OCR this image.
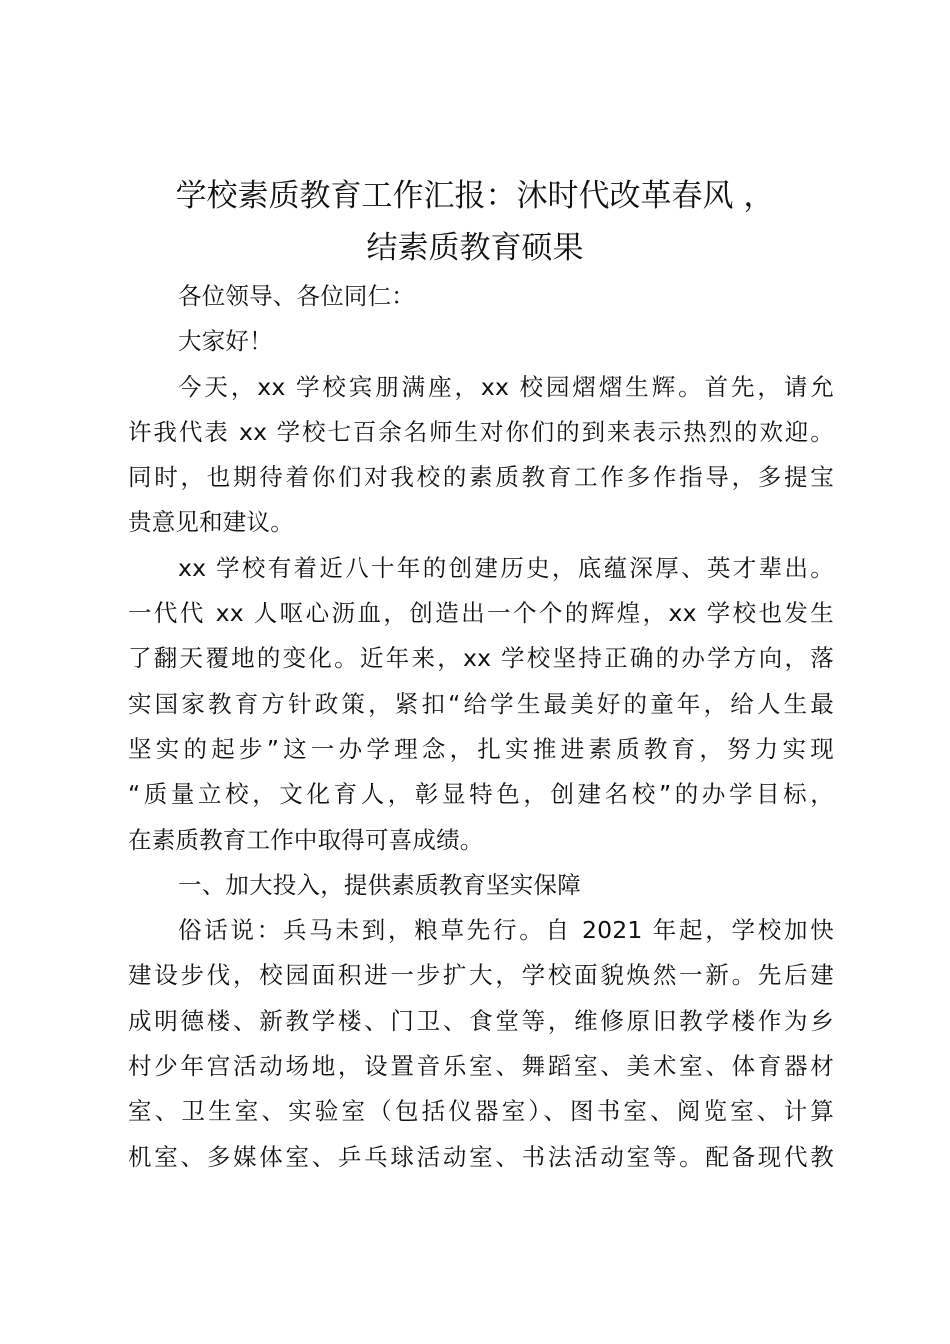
学校素质教育工作汇报：沐时代改革春风 ，
结素质教育硕果
各位领导、各位同仁：
大家好！
今天，xx 学校宾朋满座，xx 校园熠熠生辉。首先，请允
许我代表 xx 学校七百余名师生对你们的到来表示热烈的欢迎。
同时，也期待着你们对我校的素质教育工作多作指导，多提宝
贵意见和建议。
xx 学校有着近八十年的创建历史，底蕴深厚、英才辈出。
一代代 xx 人呕心沥血，创造出一个个的辉煌，xx 学校也发生
了翻天覆地的变化。近年来，xx 学校坚持正确的办学方向，落
实国家教育方针政策，紧扣“给学生最美好的童年，给人生最
坚实的起步”这一办学理念，扎实推进素质教育，努力实现
“质量立校，文化育人，彰显特色，创建名校”的办学目标，
在素质教育工作中取得可喜成绩。
一、加大投入，提供素质教育坚实保障
俗话说：兵马未到，粮草先行。自 2021 年起，学校加快
建设步伐，校园面积进一步扩大，学校面貌焕然一新。先后建
成明德楼、新教学楼、门卫、食堂等，维修原旧教学楼作为乡
村少年宫活动场地，设置音乐室、舞蹈室、美术室、体育器材
室、卫生室、实验室（包括仪器室）、图书室、阅览室、计算
机室、多媒体室、乒乓球活动室、书法活动室等。配备现代教
